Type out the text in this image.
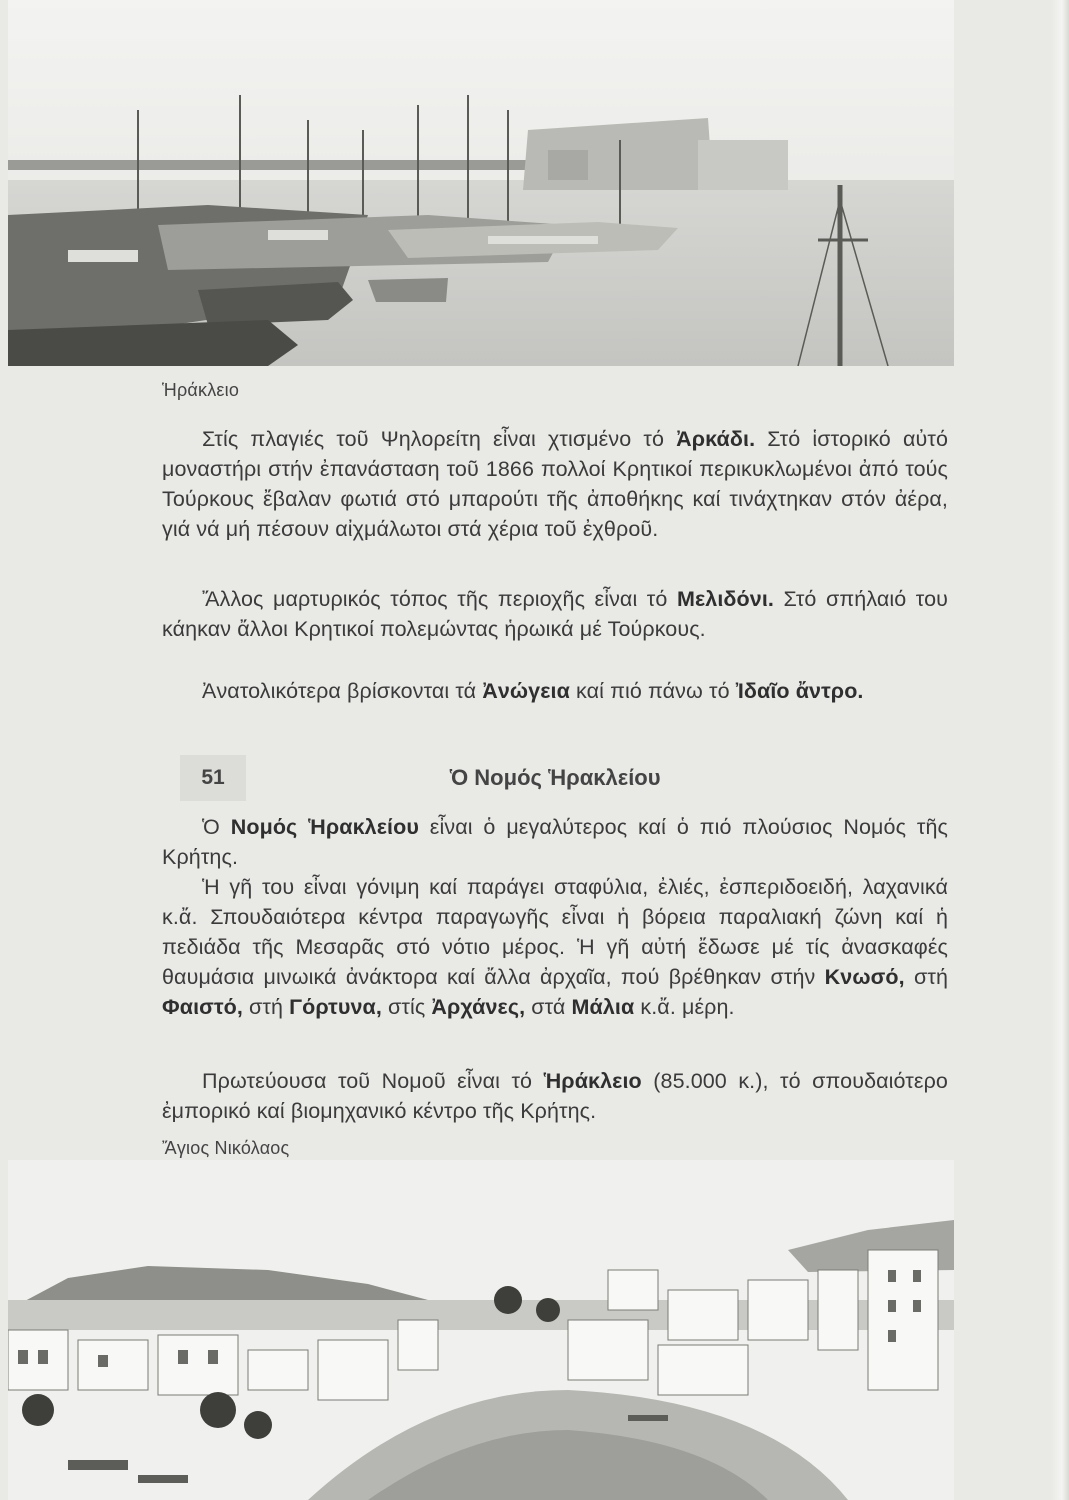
Ἡράκλειο

Στίς πλαγιές τοῦ Ψηλορείτη εἶναι χτισμένο τό Ἀρκάδι. Στό ἱστορικό αὐτό μοναστήρι στήν ἐπανάσταση τοῦ 1866 πολλοί Κρητικοί περικυκλωμένοι ἀπό τούς Τούρκους ἔβαλαν φωτιά στό μπαρούτι τῆς ἀποθήκης καί τινάχτηκαν στόν ἀέρα, γιά νά μή πέσουν αἰχμάλωτοι στά χέρια τοῦ ἐχθροῦ.

Ἄλλος μαρτυρικός τόπος τῆς περιοχῆς εἶναι τό Μελιδόνι. Στό σπήλαιό του κάηκαν ἄλλοι Κρητικοί πολεμώντας ἡρωικά μέ Τούρκους.

Ἀνατολικότερα βρίσκονται τά Ἀνώγεια καί πιό πάνω τό Ἰδαῖο ἄντρο.

51	Ὁ Νομός Ἡρακλείου

Ὁ Νομός Ἡρακλείου εἶναι ὁ μεγαλύτερος καί ὁ πιό πλούσιος Νομός τῆς Κρήτης.

Ἡ γῆ του εἶναι γόνιμη καί παράγει σταφύλια, ἐλιές, ἐσπεριδοειδή, λαχανικά κ.ἄ. Σπουδαιότερα κέντρα παραγωγῆς εἶναι ἡ βόρεια παραλιακή ζώνη καί ἡ πεδιάδα τῆς Μεσαρᾶς στό νότιο μέρος. Ἡ γῆ αὐτή ἔδωσε μέ τίς ἀνασκαφές θαυμάσια μινωικά ἀνάκτορα καί ἄλλα ἀρχαῖα, πού βρέθηκαν στήν Κνωσό, στή Φαιστό, στή Γόρτυνα, στίς Ἀρχάνες, στά Μάλια κ.ἄ. μέρη.

Πρωτεύουσα τοῦ Νομοῦ εἶναι τό Ἡράκλειο (85.000 κ.), τό σπουδαιότερο ἐμπορικό καί βιομηχανικό κέντρο τῆς Κρήτης.

Ἄγιος Νικόλαος
